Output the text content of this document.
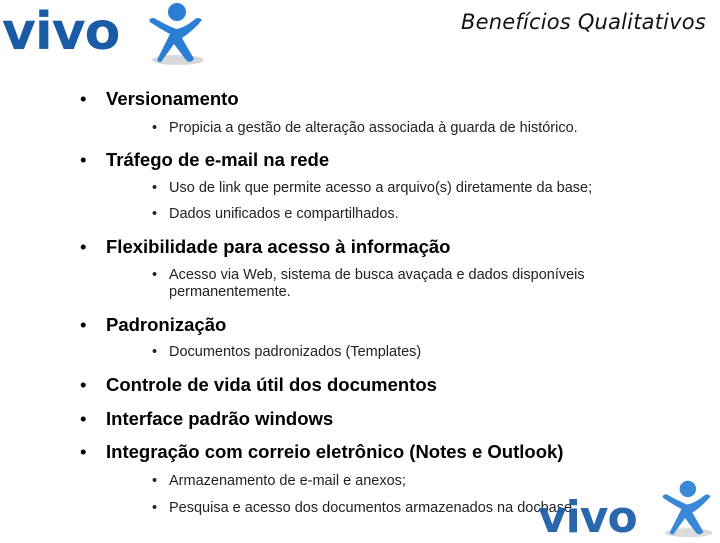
vivo	Benefícios Qualitativos
• Versionamento
• Propicia a gestão de alteração associada à guarda de histórico.
• Tráfego de e-mail na rede
• Uso de link que permite acesso a arquivo(s) diretamente da base;
• Dados unificados e compartilhados.
• Flexibilidade para acesso à informação
• Acesso via Web, sistema de busca avaçada e dados disponíveis permanentemente.
• Padronização
• Documentos padronizados (Templates)
• Controle de vida útil dos documentos
• Interface padrão windows
• Integração com correio eletrônico (Notes e Outlook)
• Armazenamento de e-mail e anexos;
• Pesquisa e acesso dos documentos armazenados na docbase.
vivo
